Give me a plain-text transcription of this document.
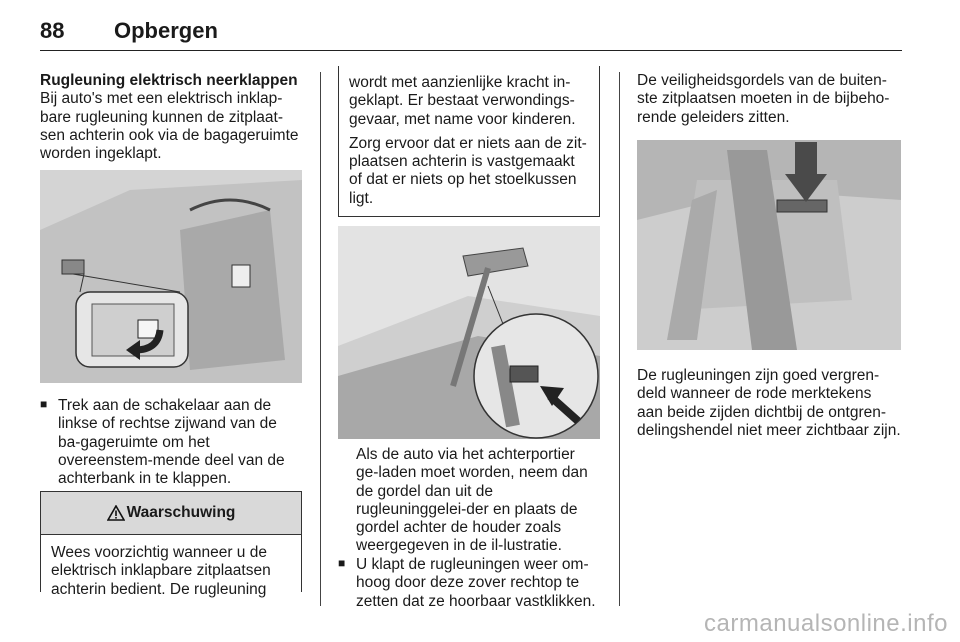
88 Opbergen

Rugleuning elektrisch neerklappen

Bij auto's met een elektrisch inklap-bare rugleuning kunnen de zitplaat-sen achterin ook via de bagageruimte worden ingeklapt.

■ Trek aan de schakelaar aan de linkse of rechtse zijwand van de ba-gageruimte om het overeenstem-mende deel van de achterbank in te klappen.
Waarschuwing

Wees voorzichtig wanneer u de elektrisch inklapbare zitplaatsen achterin bedient. De rugleuning

wordt met aanzienlijke kracht in-geklapt. Er bestaat verwondings-gevaar, met name voor kinderen.

Zorg ervoor dat er niets aan de zit-plaatsen achterin is vastgemaakt of dat er niets op het stoelkussen ligt.

Als de auto via het achterportier ge-laden moet worden, neem dan de gordel dan uit de rugleuninggelei-der en plaats de gordel achter de houder zoals weergegeven in de il-lustratie.

■ U klapt de rugleuningen weer om-hoog door deze zover rechtop te zetten dat ze hoorbaar vastklikken.

De veiligheidsgordels van de buiten-ste zitplaatsen moeten in de bijbeho-rende geleiders zitten.

De rugleuningen zijn goed vergren-deld wanneer de rode merktekens aan beide zijden dichtbij de ontgren-delingshendel niet meer zichtbaar zijn.

carmanualsonline.info
